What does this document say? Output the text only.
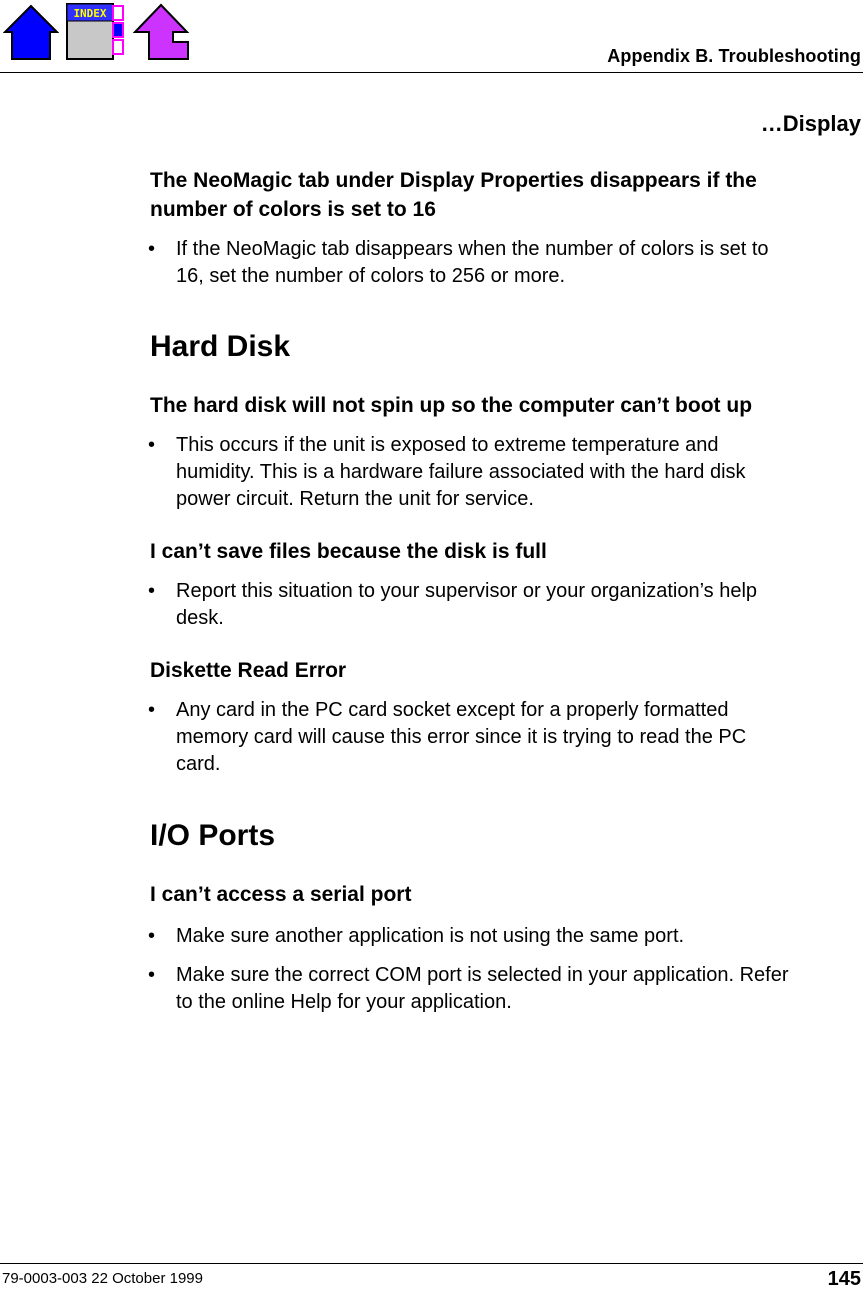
INDEX
Appendix B. Troubleshooting
…Display
The NeoMagic tab under Display Properties disappears if the
number of colors is set to 16
• If the NeoMagic tab disappears when the number of colors is set to
16, set the number of colors to 256 or more.
Hard Disk
The hard disk will not spin up so the computer can’t boot up
• This occurs if the unit is exposed to extreme temperature and
humidity. This is a hardware failure associated with the hard disk
power circuit. Return the unit for service.
I can’t save files because the disk is full
• Report this situation to your supervisor or your organization’s help
desk.
Diskette Read Error
• Any card in the PC card socket except for a properly formatted
memory card will cause this error since it is trying to read the PC
card.
I/O Ports
I can’t access a serial port
• Make sure another application is not using the same port.
• Make sure the correct COM port is selected in your application. Refer
to the online Help for your application.
79-0003-003 22 October 1999	145
